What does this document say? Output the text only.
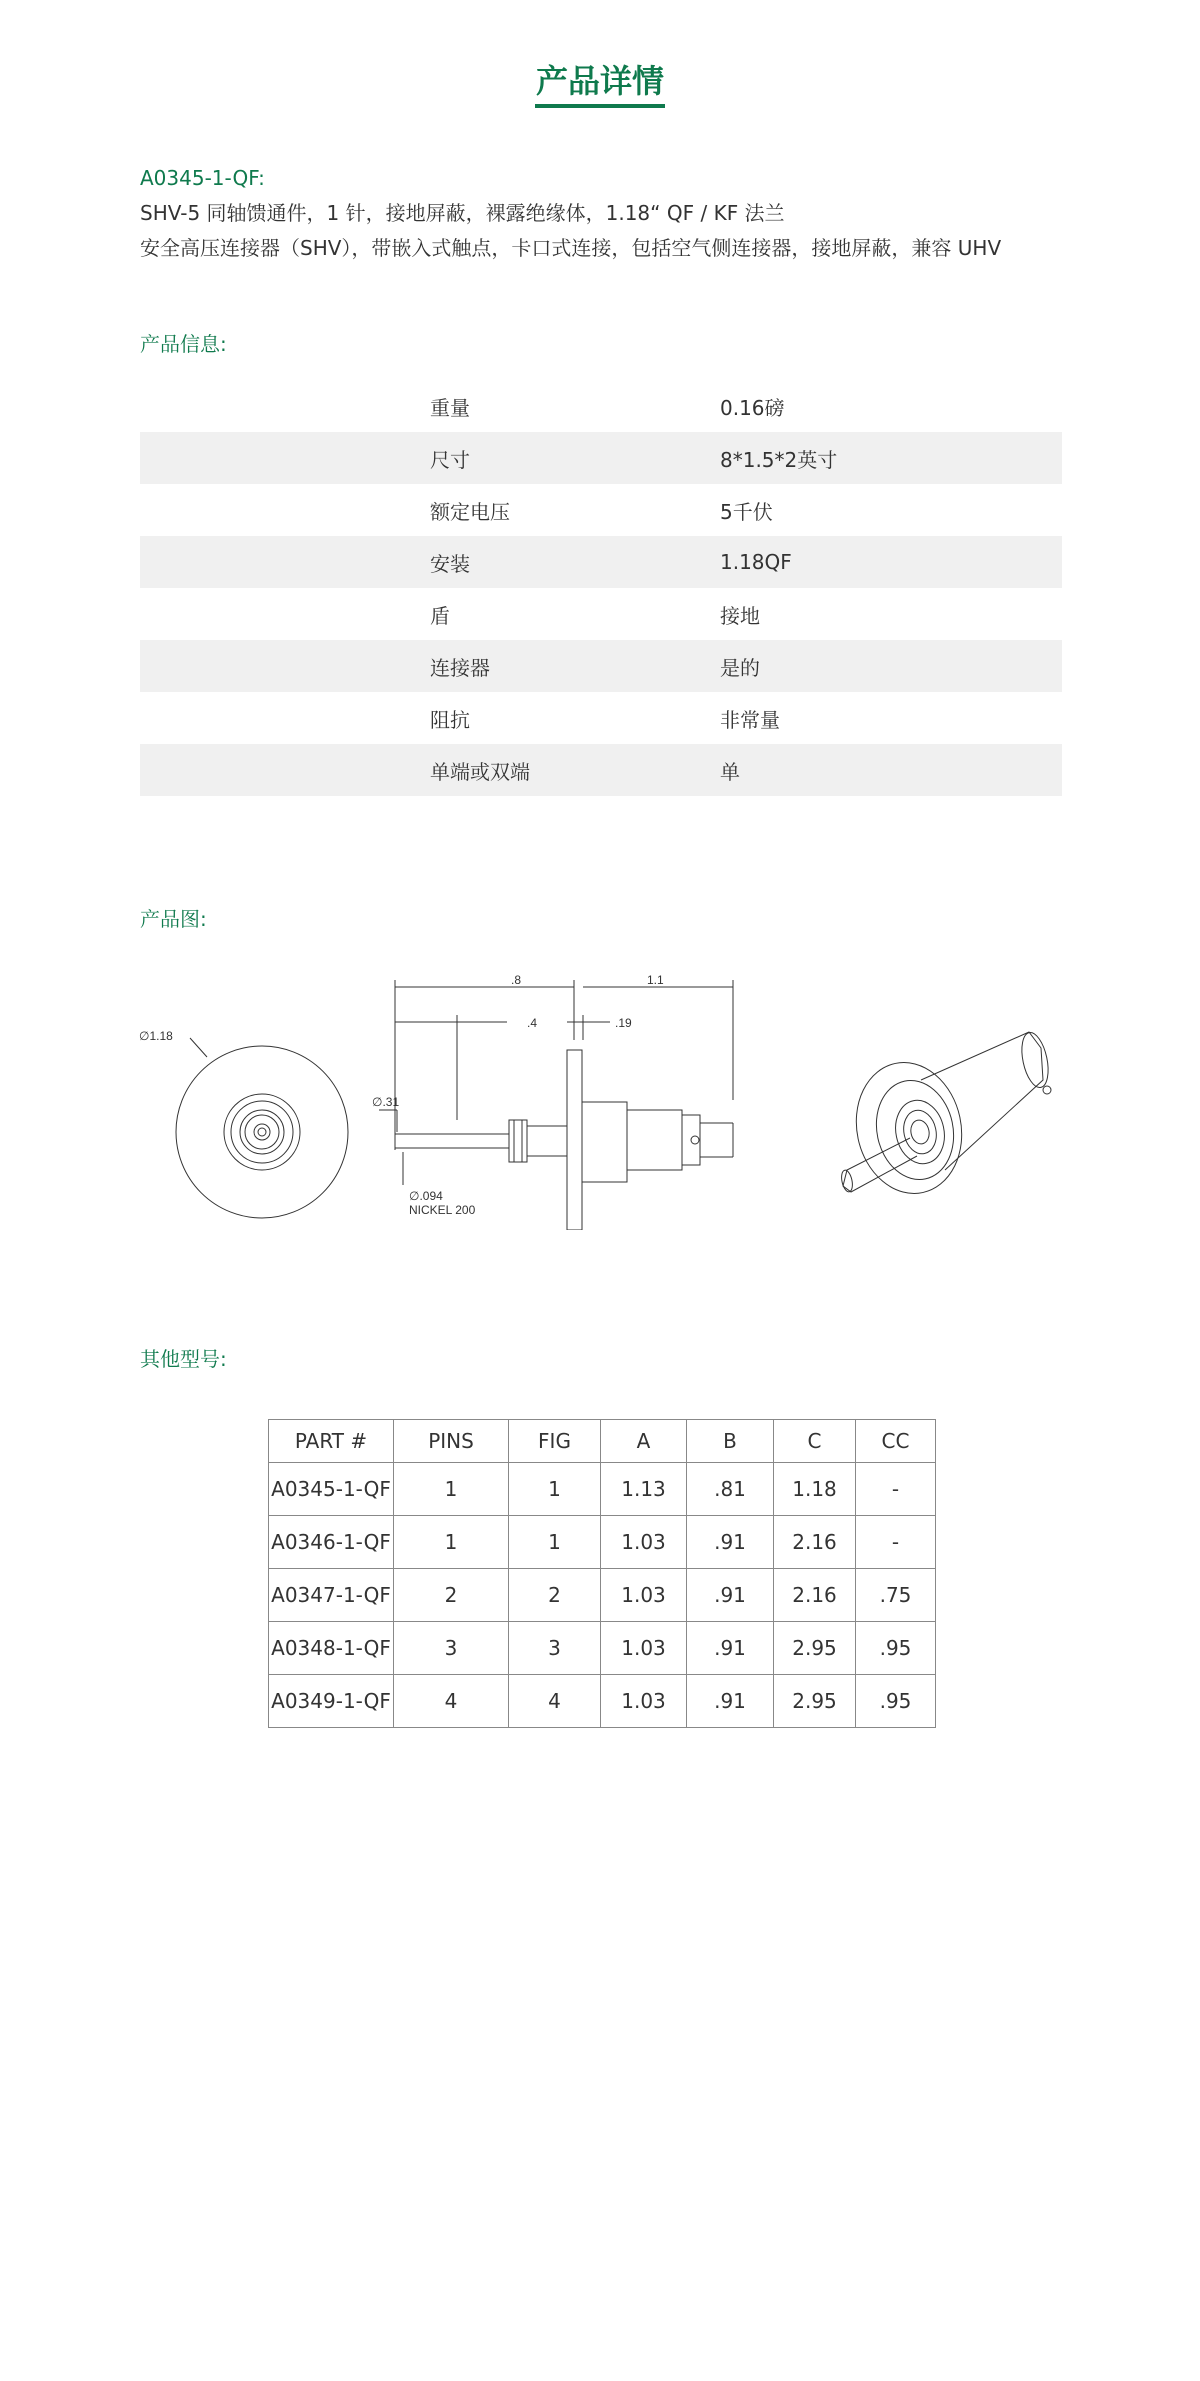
产品详情
A0345-1-QF:
SHV-5 同轴馈通件，1 针，接地屏蔽，裸露绝缘体，1.18“ QF / KF 法兰
安全高压连接器（SHV），带嵌入式触点，卡口式连接，包括空气侧连接器，接地屏蔽，兼容 UHV
产品信息:
重量	0.16磅
尺寸	8*1.5*2英寸
额定电压	5千伏
安装	1.18QF
盾	接地
连接器	是的
阻抗	非常量
单端或双端	单
产品图:
∅1.18
.8	1.1
.4	.19
∅.31
∅.094
NICKEL 200
其他型号:
PART #	PINS	FIG	A	B	C	CC
A0345-1-QF	1	1	1.13	.81	1.18	-
A0346-1-QF	1	1	1.03	.91	2.16	-
A0347-1-QF	2	2	1.03	.91	2.16	.75
A0348-1-QF	3	3	1.03	.91	2.95	.95
A0349-1-QF	4	4	1.03	.91	2.95	.95
